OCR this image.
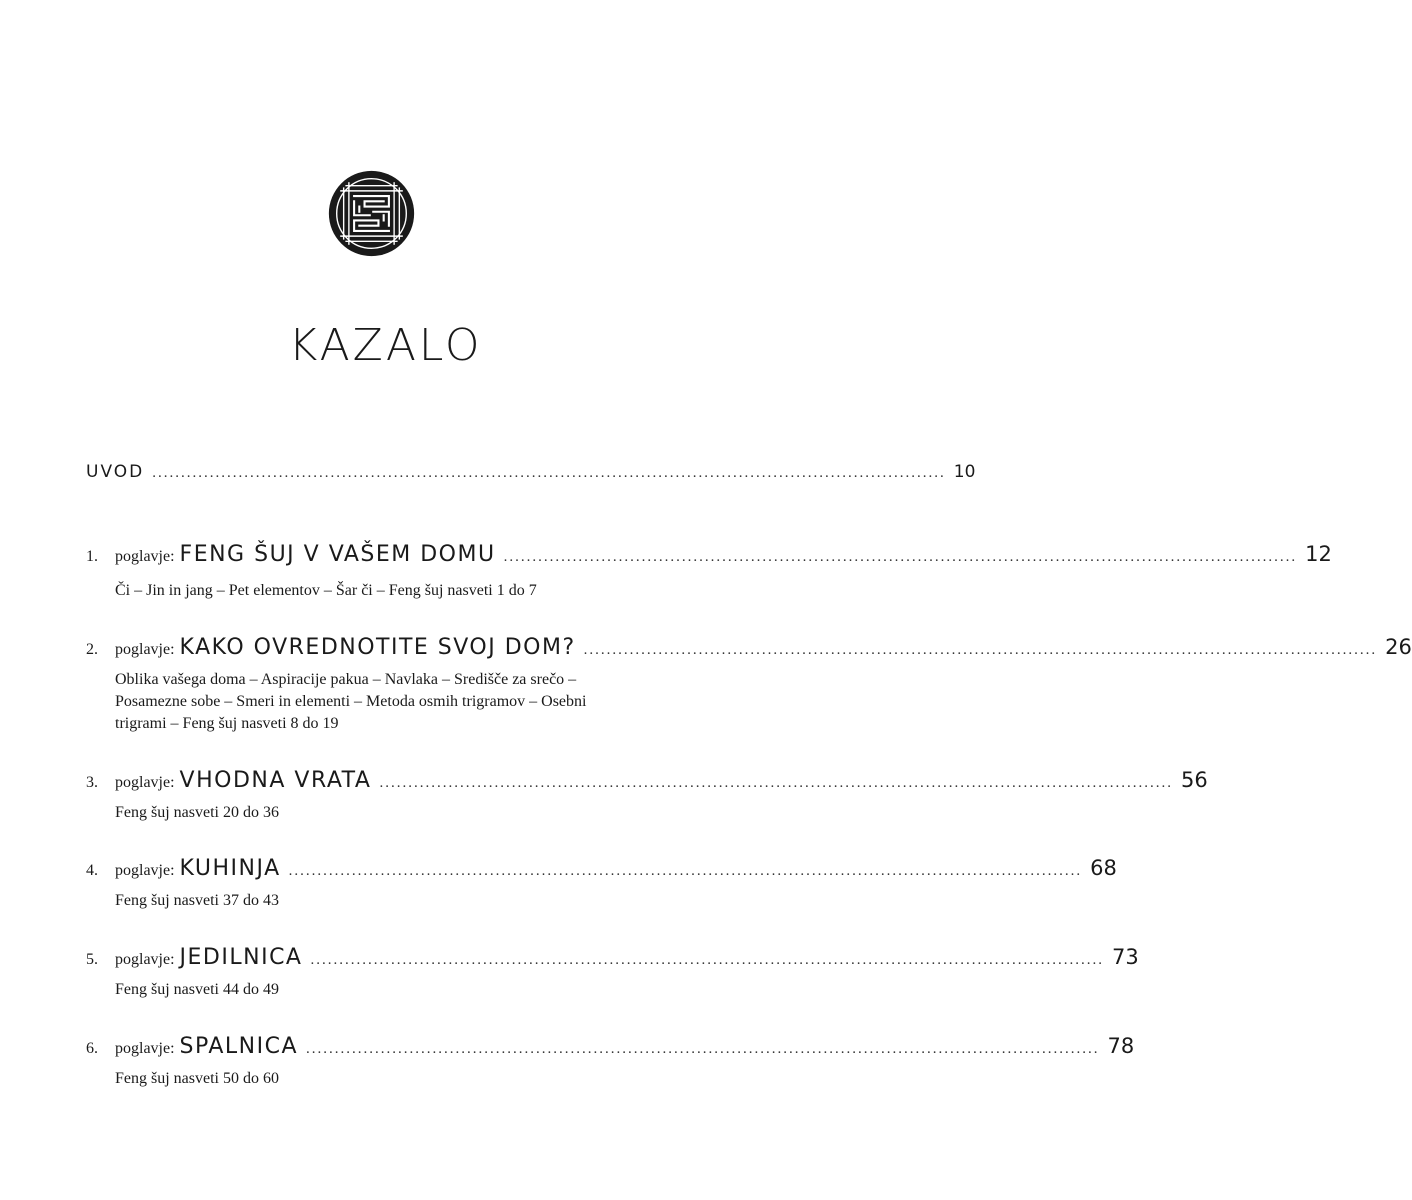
KAZALO
UVOD .......................................................................................................................................... 10
1.	poglavje: FENG ŠUJ V VAŠEM DOMU .......................................................................................................................................... 12
Či – Jin in jang – Pet elementov – Šar či – Feng šuj nasveti 1 do 7
2.	poglavje: KAKO OVREDNOTITE SVOJ DOM? .......................................................................................................................................... 26
Oblika vašega doma – Aspiracije pakua – Navlaka – Središče za srečo – Posamezne sobe – Smeri in elementi – Metoda osmih trigramov – Osebni trigrami – Feng šuj nasveti 8 do 19
3.	poglavje: VHODNA VRATA .......................................................................................................................................... 56
Feng šuj nasveti 20 do 36
4.	poglavje: KUHINJA .......................................................................................................................................... 68
Feng šuj nasveti 37 do 43
5.	poglavje: JEDILNICA .......................................................................................................................................... 73
Feng šuj nasveti 44 do 49
6.	poglavje: SPALNICA .......................................................................................................................................... 78
Feng šuj nasveti 50 do 60
